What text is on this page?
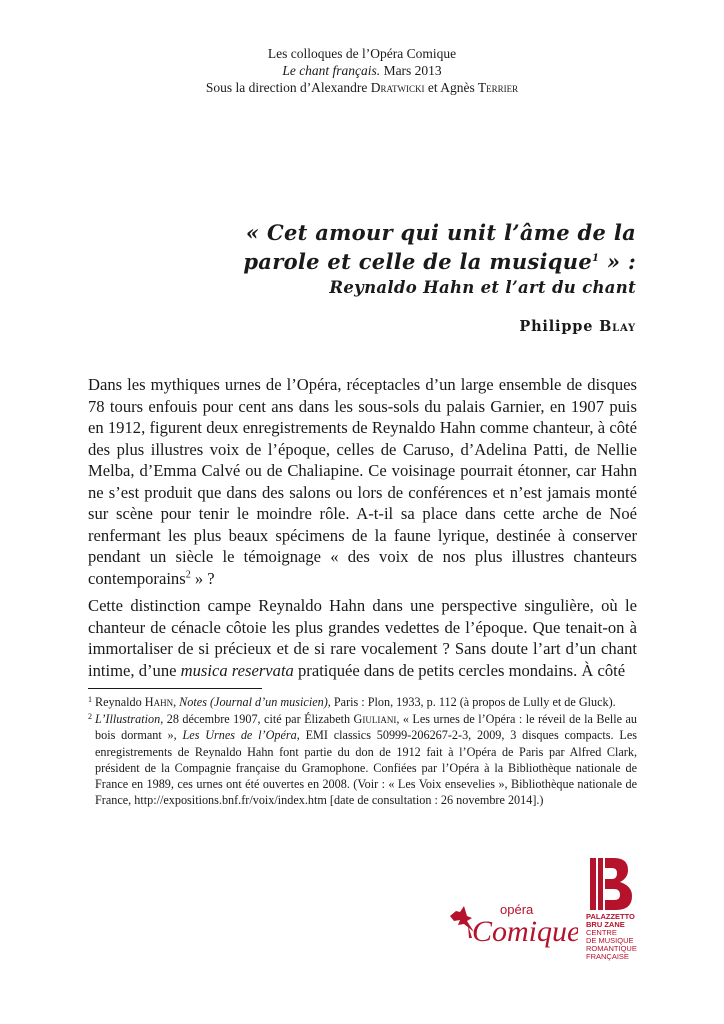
Les colloques de l’Opéra Comique
Le chant français. Mars 2013
Sous la direction d’Alexandre Dratwicki et Agnès Terrier
« Cet amour qui unit l’âme de la
parole et celle de la musique$^1$ » :
Reynaldo Hahn et l’art du chant
Philippe Blay

Dans les mythiques urnes de l’Opéra, réceptacles d’un large ensemble de disques 78 tours enfouis pour cent ans dans les sous-sols du palais Garnier, en 1907 puis en 1912, figurent deux enregistrements de Reynaldo Hahn comme chanteur, à côté des plus illustres voix de l’époque, celles de Caruso, d’Adelina Patti, de Nellie Melba, d’Emma Calvé ou de Chaliapine. Ce voisinage pourrait étonner, car Hahn ne s’est produit que dans des salons ou lors de conférences et n’est jamais monté sur scène pour tenir le moindre rôle. A-t-il sa place dans cette arche de Noé renfermant les plus beaux spécimens de la faune lyrique, destinée à conserver pendant un siècle le témoignage « des voix de nos plus illustres chanteurs contemporains$^2$ » ?

Cette distinction campe Reynaldo Hahn dans une perspective singulière, où le chanteur de cénacle côtoie les plus grandes vedettes de l’époque. Que tenait-on à immortaliser de si précieux et de si rare vocalement ? Sans doute l’art d’un chant intime, d’une musica reservata pratiquée dans de petits cercles mondains. À côté

1 Reynaldo Hahn, Notes (Journal d’un musicien), Paris : Plon, 1933, p. 112 (à propos de Lully et de Gluck).
2 L’Illustration, 28 décembre 1907, cité par Élizabeth Giuliani, « Les urnes de l’Opéra : le réveil de la Belle au bois dormant », Les Urnes de l’Opéra, EMI classics 50999-206267-2-3, 2009, 3 disques compacts. Les enregistrements de Reynaldo Hahn font partie du don de 1912 fait à l’Opéra de Paris par Alfred Clark, président de la Compagnie française du Gramophone. Confiées par l’Opéra à la Bibliothèque nationale de France en 1989, ces urnes ont été ouvertes en 2008. (Voir : « Les Voix ensevelies », Bibliothèque nationale de France, http://expositions.bnf.fr/voix/index.htm [date de consultation : 26 novembre 2014].)
opéra
Comique PALAZZETTO
BRU ZANE
CENTRE
DE MUSIQUE
ROMANTIQUE
FRANÇAISE
